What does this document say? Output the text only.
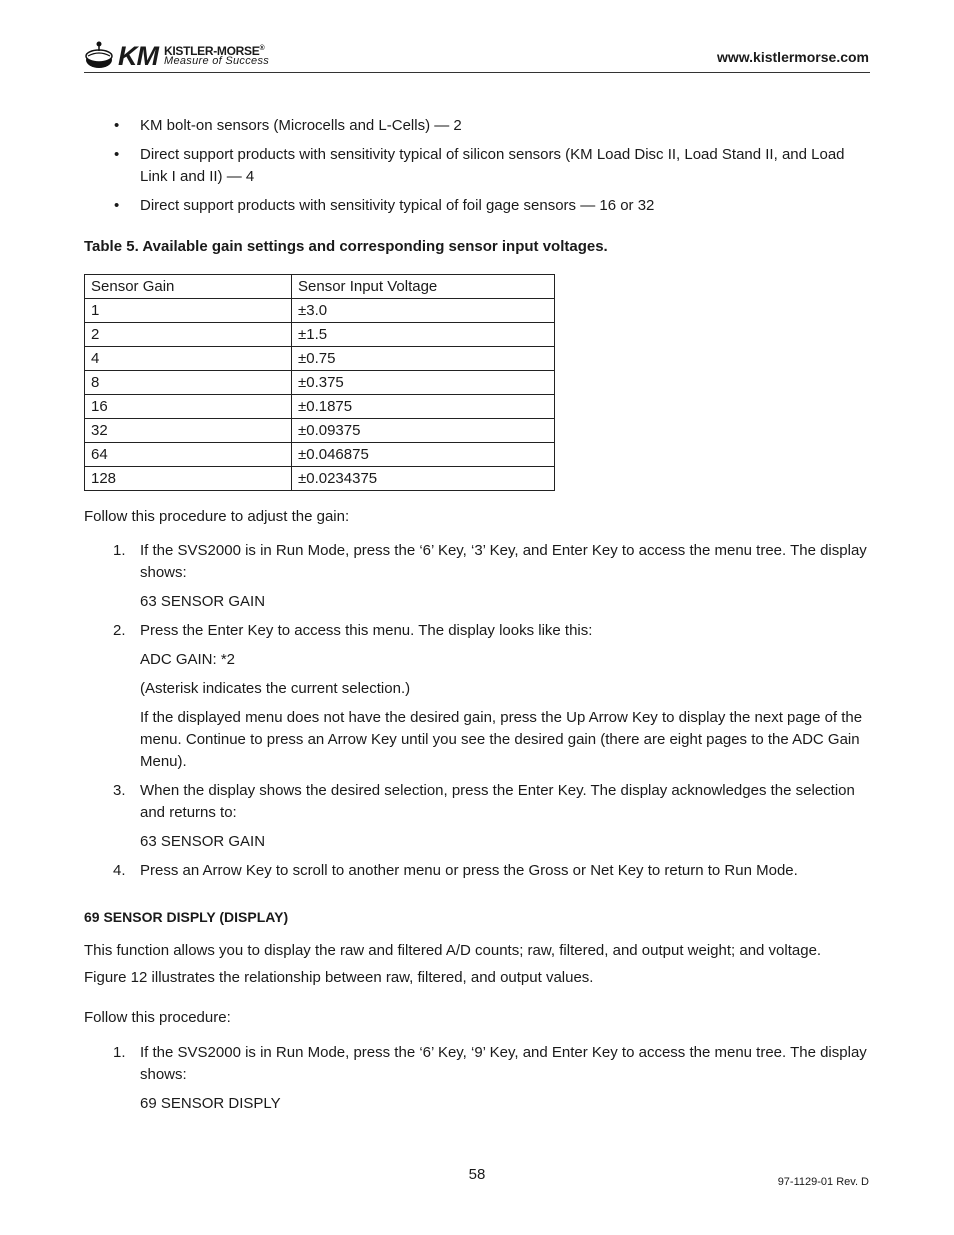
KM KISTLER-MORSE®
Measure of Success	www.kistlermorse.com
• KM bolt-on sensors (Microcells and L-Cells) — 2
• Direct support products with sensitivity typical of silicon sensors (KM Load Disc II, Load Stand II, and Load Link I and II) — 4
• Direct support products with sensitivity typical of foil gage sensors — 16 or 32
Table 5. Available gain settings and corresponding sensor input voltages.
Sensor Gain	Sensor Input Voltage
1	±3.0
2	±1.5
4	±0.75
8	±0.375
16	±0.1875
32	±0.09375
64	±0.046875
128	±0.0234375
Follow this procedure to adjust the gain:
1. If the SVS2000 is in Run Mode, press the ‘6’ Key, ‘3’ Key, and Enter Key to access the menu tree. The display shows:

63 SENSOR GAIN

2. Press the Enter Key to access this menu. The display looks like this:

ADC GAIN: *2

(Asterisk indicates the current selection.)

If the displayed menu does not have the desired gain, press the Up Arrow Key to display the next page of the menu. Continue to press an Arrow Key until you see the desired gain (there are eight pages to the ADC Gain Menu).

3. When the display shows the desired selection, press the Enter Key. The display acknowledges the selection and returns to:

63 SENSOR GAIN

4. Press an Arrow Key to scroll to another menu or press the Gross or Net Key to return to Run Mode.

69 SENSOR DISPLY (DISPLAY)
This function allows you to display the raw and filtered A/D counts; raw, filtered, and output weight; and voltage.
Figure 12 illustrates the relationship between raw, filtered, and output values.
Follow this procedure:
1. If the SVS2000 is in Run Mode, press the ‘6’ Key, ‘9’ Key, and Enter Key to access the menu tree. The display shows:

69 SENSOR DISPLY

58	97-1129-01 Rev. D
